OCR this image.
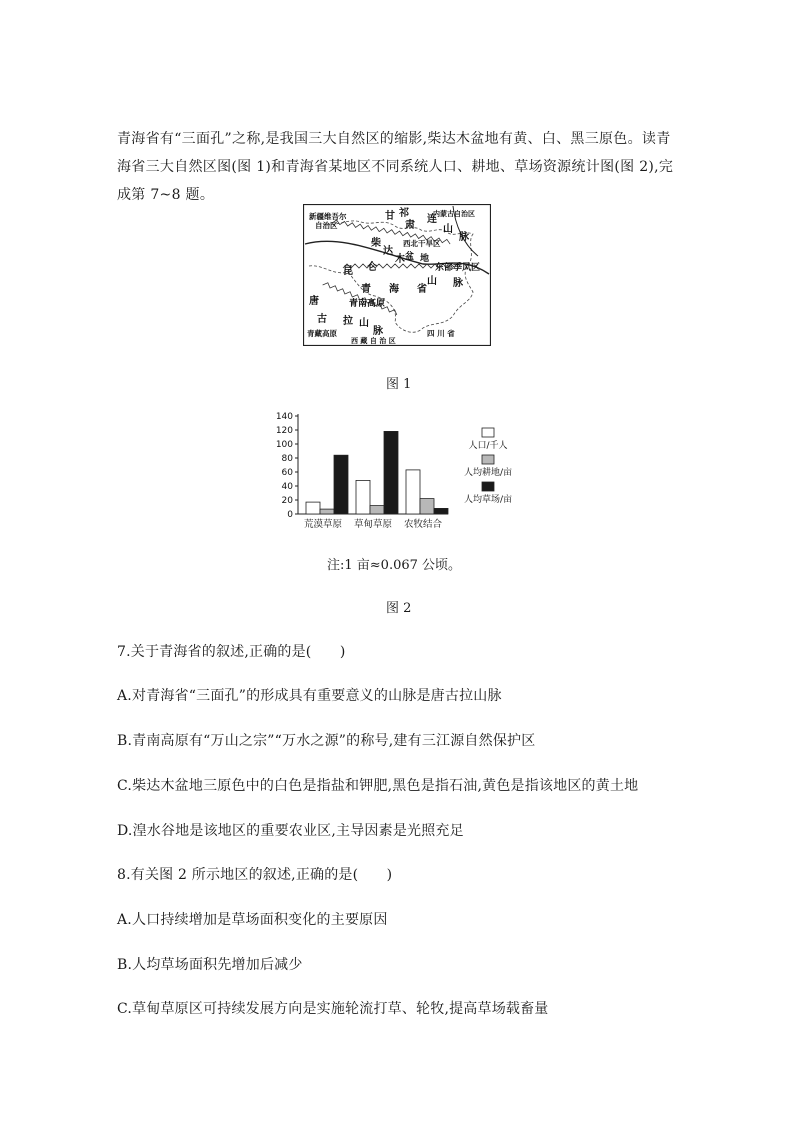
青海省有“三面孔”之称,是我国三大自然区的缩影,柴达木盆地有黄、白、黑三原色。读青海省三大自然区图(图 1)和青海省某地区不同系统人口、耕地、草场资源统计图(图 2),完成第 7~8 题。
新疆维吾尔
自治区
甘 祁
肃
连
山
脉
内蒙古自治区
西北干旱区
柴
达
木 盆 地
东部季风区
昆 仑
山 脉
青 海 省
青南高原
唐
古 拉 山
脉
青藏高原
西 藏 自 治 区
四 川 省
图 1
0
20
40
60
80
100
120
140
荒漠草原 草甸草原 农牧结合
人口/千人
人均耕地/亩
人均草场/亩
注:1 亩≈0.067 公顷。
图 2
7.关于青海省的叙述,正确的是(　　)
A.对青海省“三面孔”的形成具有重要意义的山脉是唐古拉山脉
B.青南高原有“万山之宗”“万水之源”的称号,建有三江源自然保护区
C.柴达木盆地三原色中的白色是指盐和钾肥,黑色是指石油,黄色是指该地区的黄土地
D.湟水谷地是该地区的重要农业区,主导因素是光照充足
8.有关图 2 所示地区的叙述,正确的是(　　)
A.人口持续增加是草场面积变化的主要原因
B.人均草场面积先增加后减少
C.草甸草原区可持续发展方向是实施轮流打草、轮牧,提高草场载畜量
